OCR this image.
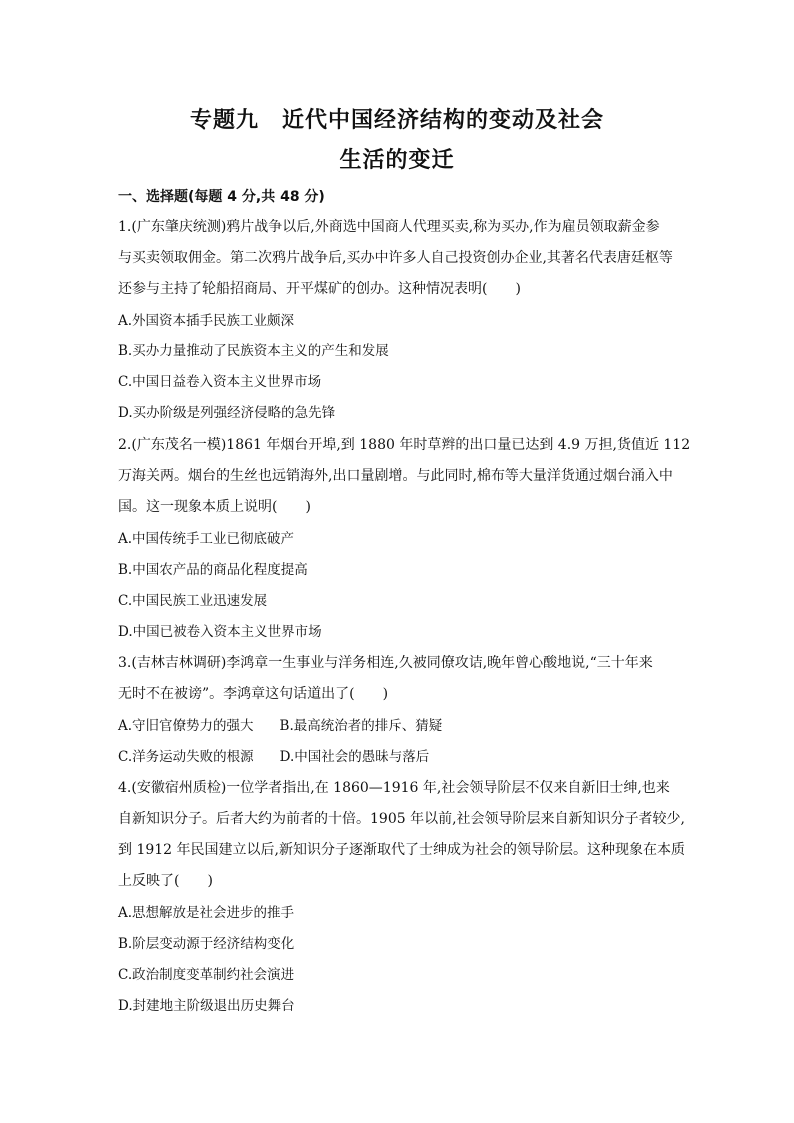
专题九　近代中国经济结构的变动及社会
生活的变迁
一、选择题(每题 4 分,共 48 分)
1.(广东肇庆统测)鸦片战争以后,外商选中国商人代理买卖,称为买办,作为雇员领取薪金参
与买卖领取佣金。第二次鸦片战争后,买办中许多人自己投资创办企业,其著名代表唐廷枢等
还参与主持了轮船招商局、开平煤矿的创办。这种情况表明(　　)
A.外国资本插手民族工业颇深
B.买办力量推动了民族资本主义的产生和发展
C.中国日益卷入资本主义世界市场
D.买办阶级是列强经济侵略的急先锋
2.(广东茂名一模)1861 年烟台开埠,到 1880 年时草辫的出口量已达到 4.9 万担,货值近 112
万海关两。烟台的生丝也远销海外,出口量剧增。与此同时,棉布等大量洋货通过烟台涌入中
国。这一现象本质上说明(　　)
A.中国传统手工业已彻底破产
B.中国农产品的商品化程度提高
C.中国民族工业迅速发展
D.中国已被卷入资本主义世界市场
3.(吉林吉林调研)李鸿章一生事业与洋务相连,久被同僚攻诘,晚年曾心酸地说,“三十年来
无时不在被谤”。李鸿章这句话道出了(　　)
A.守旧官僚势力的强大 B.最高统治者的排斥、猜疑
C.洋务运动失败的根源 D.中国社会的愚昧与落后
4.(安徽宿州质检)一位学者指出,在 1860—1916 年,社会领导阶层不仅来自新旧士绅,也来
自新知识分子。后者大约为前者的十倍。1905 年以前,社会领导阶层来自新知识分子者较少,
到 1912 年民国建立以后,新知识分子逐渐取代了士绅成为社会的领导阶层。这种现象在本质
上反映了(　　)
A.思想解放是社会进步的推手
B.阶层变动源于经济结构变化
C.政治制度变革制约社会演进
D.封建地主阶级退出历史舞台
